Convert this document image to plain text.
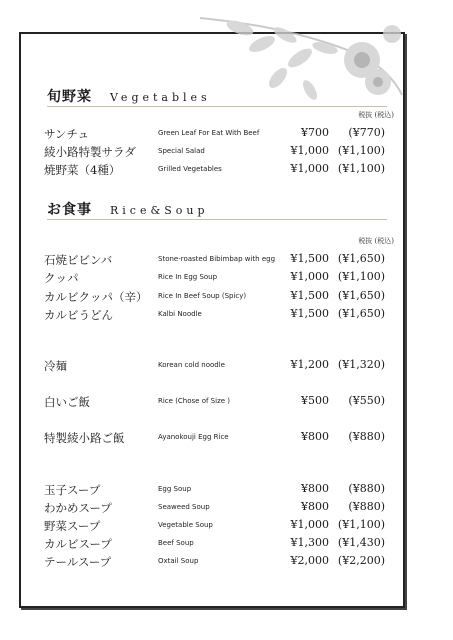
旬野菜 Vegetables
税抜 (税込)
サンチュ	Green Leaf For Eat With Beef	¥700 (¥770)
綾小路特製サラダ	Special Salad	¥1,000 (¥1,100)
焼野菜（4種）	Grilled Vegetables	¥1,000 (¥1,100)
お食事 Rice&Soup
税抜 (税込)
石焼ビビンバ	Stone-roasted Bibimbap with egg ¥1,500 (¥1,650)
クッパ	Rice In Egg Soup	¥1,000 (¥1,100)
カルビクッパ（辛） Rice In Beef Soup (Spicy)	¥1,500 (¥1,650)
カルビうどん	Kalbi Noodle	¥1,500 (¥1,650)
冷麺	Korean cold noodle	¥1,200 (¥1,320)
白いご飯	Rice (Chose of Size )	¥500 (¥550)
特製綾小路ご飯	Ayanokouji Egg Rice	¥800 (¥880)
玉子スープ	Egg Soup	¥800 (¥880)
わかめスープ	Seaweed Soup	¥800 (¥880)
野菜スープ	Vegetable Soup	¥1,000 (¥1,100)
カルビスープ	Beef Soup	¥1,300 (¥1,430)
テールスープ	Oxtail Soup	¥2,000 (¥2,200)
